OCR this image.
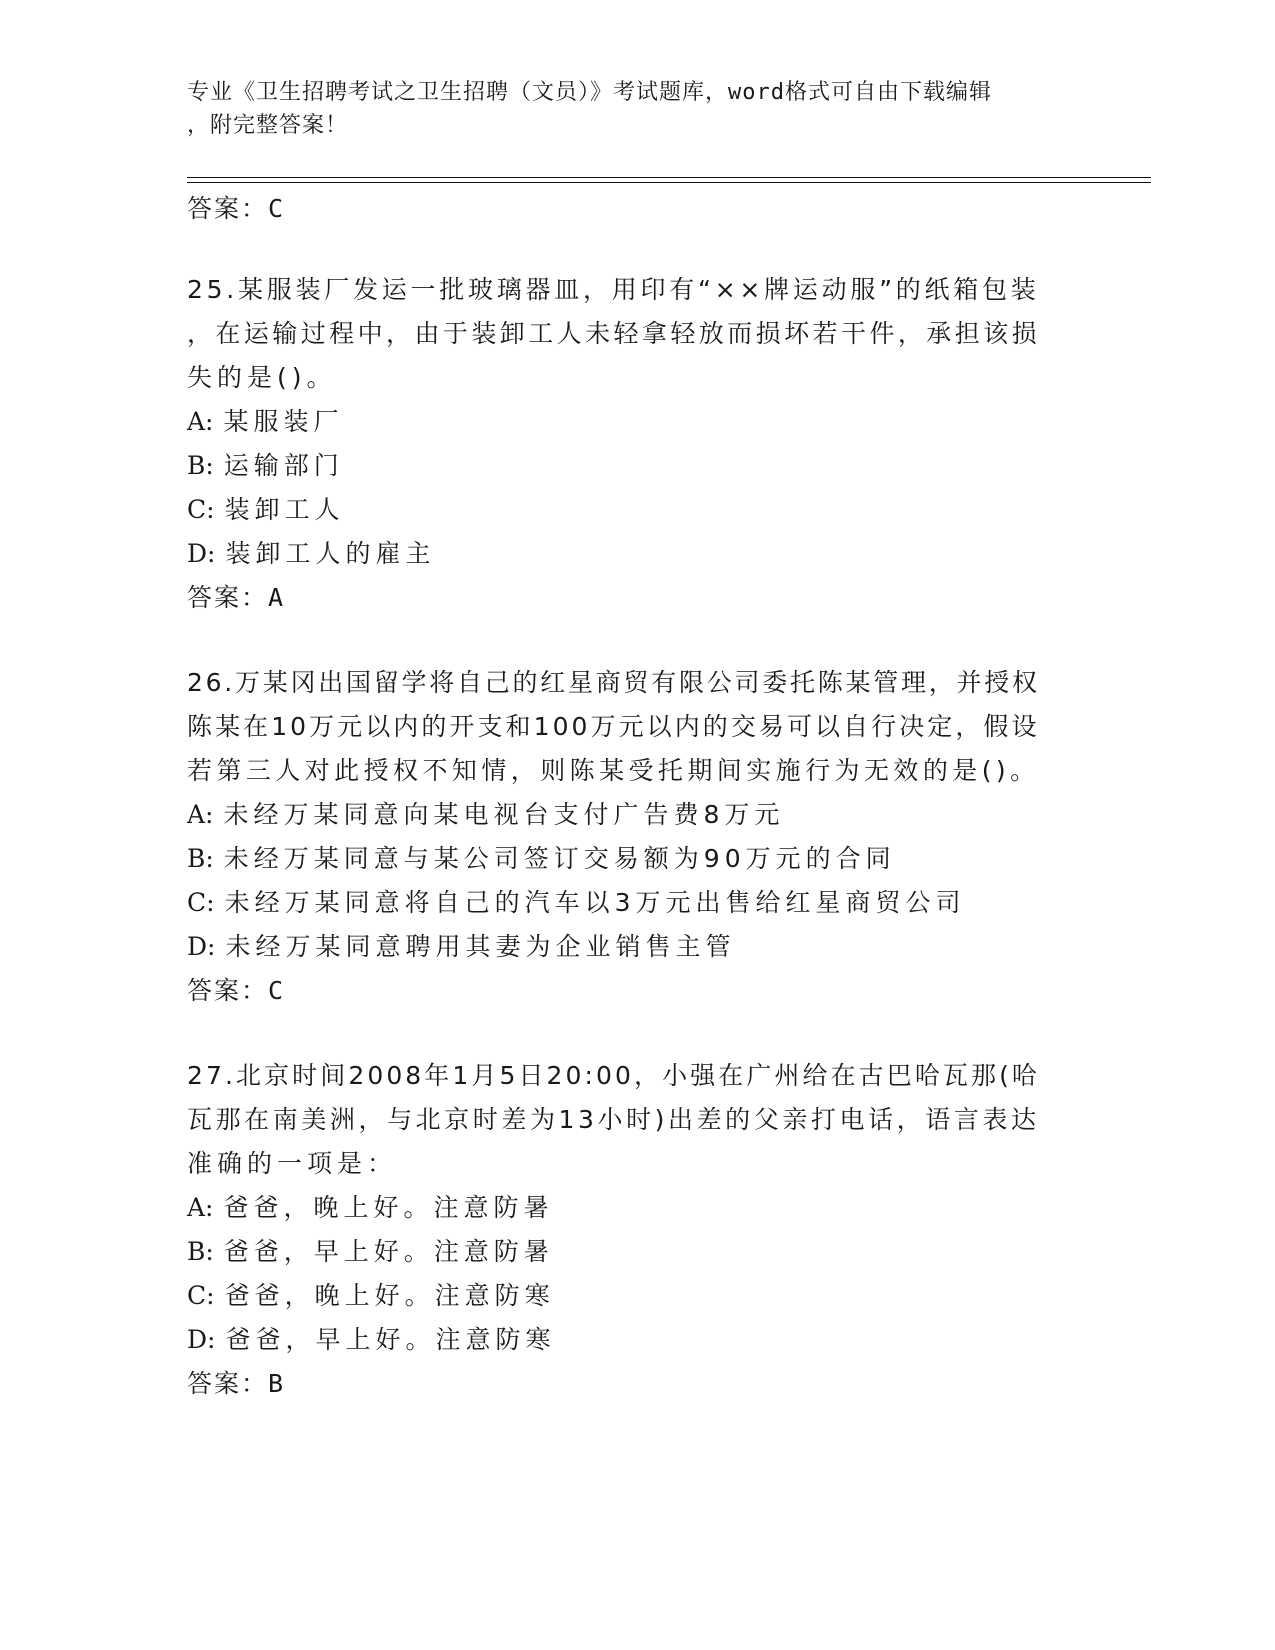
专业《卫生招聘考试之卫生招聘（文员）》考试题库，word格式可自由下载编辑
，附完整答案！
答案：C
25.某服装厂发运一批玻璃器皿，用印有“××牌运动服”的纸箱包装
，在运输过程中，由于装卸工人未轻拿轻放而损坏若干件，承担该损
失的是()。
A: 某服装厂
B: 运输部门
C: 装卸工人
D: 装卸工人的雇主
答案：A
26.万某冈出国留学将自己的红星商贸有限公司委托陈某管理，并授权
陈某在10万元以内的开支和100万元以内的交易可以自行决定，假设
若第三人对此授权不知情，则陈某受托期间实施行为无效的是()。
A: 未经万某同意向某电视台支付广告费8万元
B: 未经万某同意与某公司签订交易额为90万元的合同
C: 未经万某同意将自己的汽车以3万元出售给红星商贸公司
D: 未经万某同意聘用其妻为企业销售主管
答案：C
27.北京时间2008年1月5日20:00，小强在广州给在古巴哈瓦那(哈
瓦那在南美洲，与北京时差为13小时)出差的父亲打电话，语言表达
准确的一项是：
A: 爸爸，晚上好。注意防暑
B: 爸爸，早上好。注意防暑
C: 爸爸，晚上好。注意防寒
D: 爸爸，早上好。注意防寒
答案：B
